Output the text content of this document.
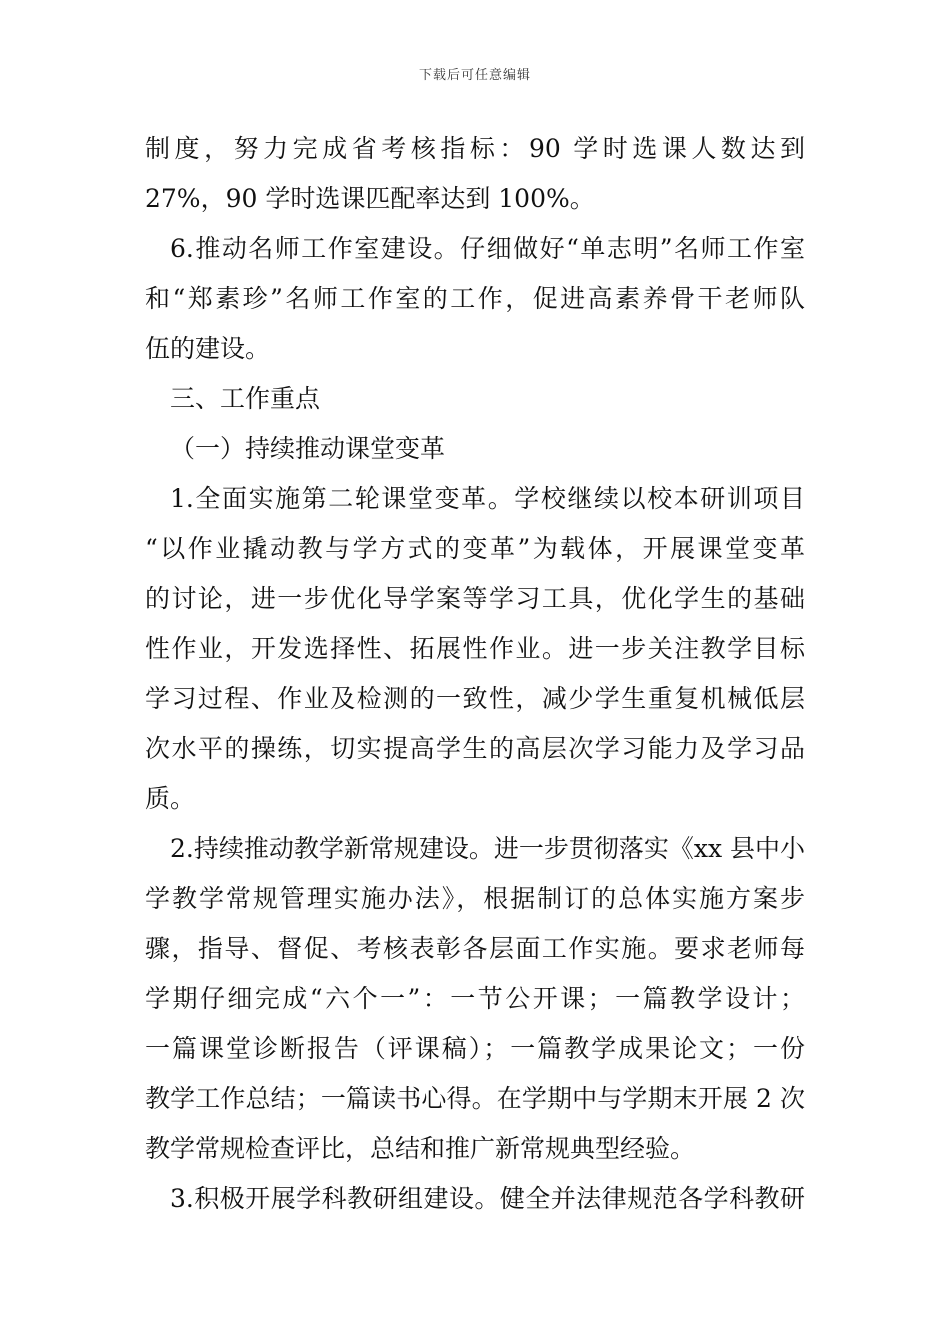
下载后可任意编辑
制度，努力完成省考核指标：90 学时选课人数达到
27%，90 学时选课匹配率达到 100%。
6.推动名师工作室建设。仔细做好“单志明”名师工作室
和“郑素珍”名师工作室的工作，促进高素养骨干老师队
伍的建设。
三、工作重点
（一）持续推动课堂变革
1.全面实施第二轮课堂变革。学校继续以校本研训项目
“以作业撬动教与学方式的变革”为载体，开展课堂变革
的讨论，进一步优化导学案等学习工具，优化学生的基础
性作业，开发选择性、拓展性作业。进一步关注教学目标
学习过程、作业及检测的一致性，减少学生重复机械低层
次水平的操练，切实提高学生的高层次学习能力及学习品
质。
2.持续推动教学新常规建设。进一步贯彻落实《xx 县中小
学教学常规管理实施办法》，根据制订的总体实施方案步
骤，指导、督促、考核表彰各层面工作实施。要求老师每
学期仔细完成“六个一”：一节公开课；一篇教学设计；
一篇课堂诊断报告（评课稿）；一篇教学成果论文；一份
教学工作总结；一篇读书心得。在学期中与学期末开展 2 次
教学常规检查评比，总结和推广新常规典型经验。
3.积极开展学科教研组建设。健全并法律规范各学科教研
